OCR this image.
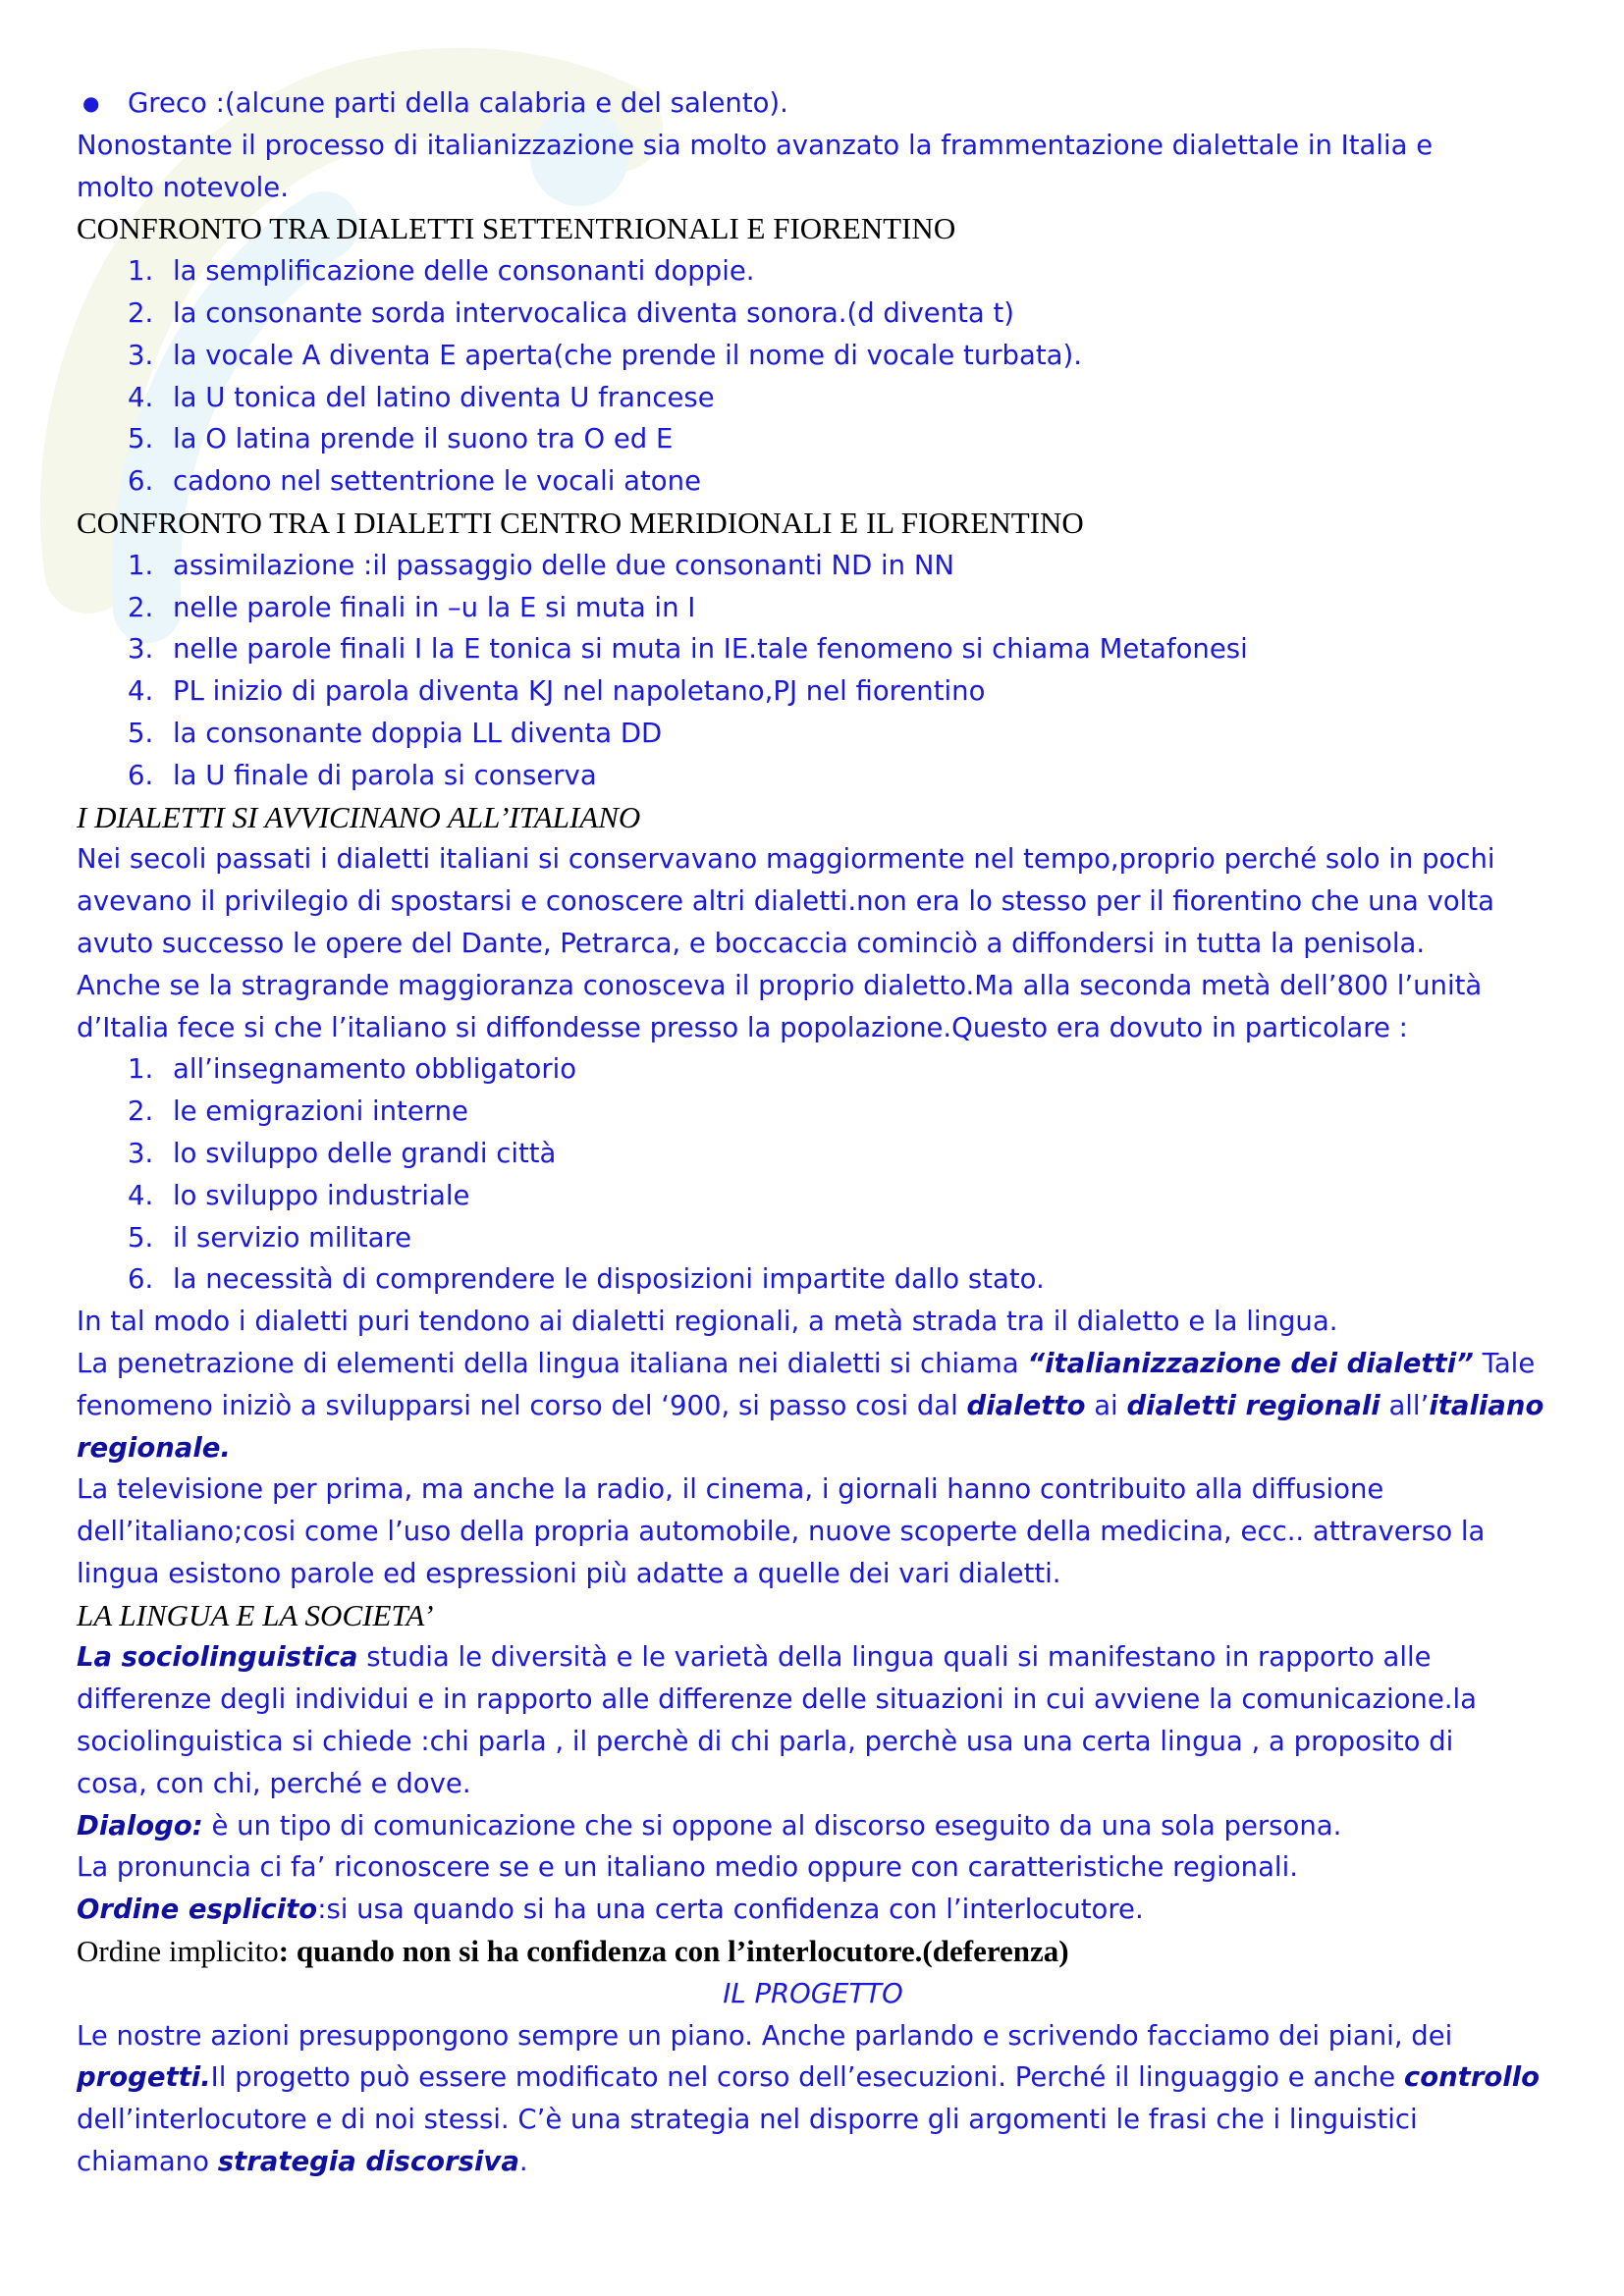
● Greco :(alcune parti della calabria e del salento).
Nonostante il processo di italianizzazione sia molto avanzato la frammentazione dialettale in Italia e
molto notevole.
CONFRONTO TRA DIALETTI SETTENTRIONALI E FIORENTINO
1. la semplificazione delle consonanti doppie.
2. la consonante sorda intervocalica diventa sonora.(d diventa t)
3. la vocale A diventa E aperta(che prende il nome di vocale turbata).
4. la U tonica del latino diventa U francese
5. la O latina prende il suono tra O ed E
6. cadono nel settentrione le vocali atone
CONFRONTO TRA I DIALETTI CENTRO MERIDIONALI E IL FIORENTINO
1. assimilazione :il passaggio delle due consonanti ND in NN
2. nelle parole finali in –u la E si muta in I
3. nelle parole finali I la E tonica si muta in IE.tale fenomeno si chiama Metafonesi
4. PL inizio di parola diventa KJ nel napoletano,PJ nel fiorentino
5. la consonante doppia LL diventa DD
6. la U finale di parola si conserva
I DIALETTI SI AVVICINANO ALL’ITALIANO
Nei secoli passati i dialetti italiani si conservavano maggiormente nel tempo,proprio perché solo in pochi
avevano il privilegio di spostarsi e conoscere altri dialetti.non era lo stesso per il fiorentino che una volta
avuto successo le opere del Dante, Petrarca, e boccaccia cominciò a diffondersi in tutta la penisola.
Anche se la stragrande maggioranza conosceva il proprio dialetto.Ma alla seconda metà dell’800 l’unità
d’Italia fece si che l’italiano si diffondesse presso la popolazione.Questo era dovuto in particolare :
1. all’insegnamento obbligatorio
2. le emigrazioni interne
3. lo sviluppo delle grandi città
4. lo sviluppo industriale
5. il servizio militare
6. la necessità di comprendere le disposizioni impartite dallo stato.
In tal modo i dialetti puri tendono ai dialetti regionali, a metà strada tra il dialetto e la lingua.
La penetrazione di elementi della lingua italiana nei dialetti si chiama “italianizzazione dei dialetti” Tale
fenomeno iniziò a svilupparsi nel corso del ‘900, si passo cosi dal dialetto ai dialetti regionali all’italiano
regionale.
La televisione per prima, ma anche la radio, il cinema, i giornali hanno contribuito alla diffusione
dell’italiano;cosi come l’uso della propria automobile, nuove scoperte della medicina, ecc.. attraverso la
lingua esistono parole ed espressioni più adatte a quelle dei vari dialetti.
LA LINGUA E LA SOCIETA’
La sociolinguistica studia le diversità e le varietà della lingua quali si manifestano in rapporto alle
differenze degli individui e in rapporto alle differenze delle situazioni in cui avviene la comunicazione.la
sociolinguistica si chiede :chi parla , il perchè di chi parla, perchè usa una certa lingua , a proposito di
cosa, con chi, perché e dove.
Dialogo: è un tipo di comunicazione che si oppone al discorso eseguito da una sola persona.
La pronuncia ci fa’ riconoscere se e un italiano medio oppure con caratteristiche regionali.
Ordine esplicito:si usa quando si ha una certa confidenza con l’interlocutore.
Ordine implicito: quando non si ha confidenza con l’interlocutore.(deferenza)
IL PROGETTO
Le nostre azioni presuppongono sempre un piano. Anche parlando e scrivendo facciamo dei piani, dei
progetti.Il progetto può essere modificato nel corso dell’esecuzioni. Perché il linguaggio e anche controllo
dell’interlocutore e di noi stessi. C’è una strategia nel disporre gli argomenti le frasi che i linguistici
chiamano strategia discorsiva.
